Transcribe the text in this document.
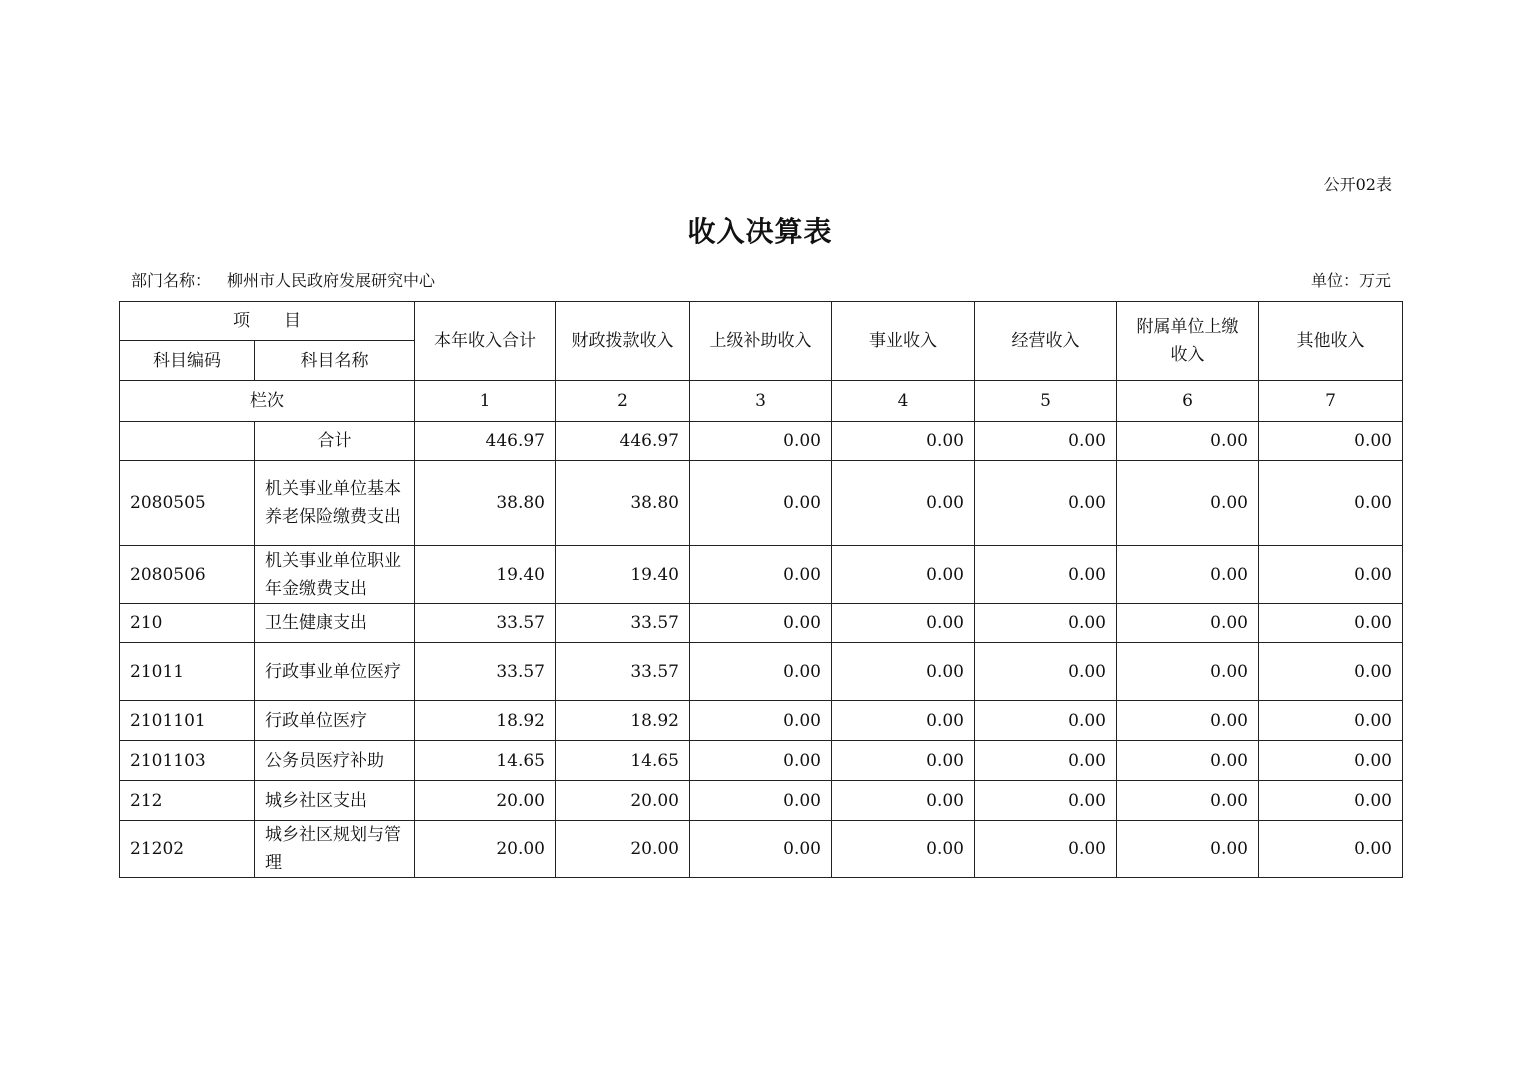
公开02表
收入决算表
部门名称： 柳州市人民政府发展研究中心	单位：万元
项　　目		本年收入合计	财政拨款收入	上级补助收入	事业收入	经营收入	附属单位上缴收入	其他收入
科目编码	科目名称							
栏次		1	2	3	4	5	6	7
	合计	446.97	446.97	0.00	0.00	0.00	0.00	0.00
2080505	机关事业单位基本养老保险缴费支出	38.80	38.80	0.00	0.00	0.00	0.00	0.00
2080506	机关事业单位职业年金缴费支出	19.40	19.40	0.00	0.00	0.00	0.00	0.00
210	卫生健康支出	33.57	33.57	0.00	0.00	0.00	0.00	0.00
21011	行政事业单位医疗	33.57	33.57	0.00	0.00	0.00	0.00	0.00
2101101	行政单位医疗	18.92	18.92	0.00	0.00	0.00	0.00	0.00
2101103	公务员医疗补助	14.65	14.65	0.00	0.00	0.00	0.00	0.00
212	城乡社区支出	20.00	20.00	0.00	0.00	0.00	0.00	0.00
21202	城乡社区规划与管理	20.00	20.00	0.00	0.00	0.00	0.00	0.00
